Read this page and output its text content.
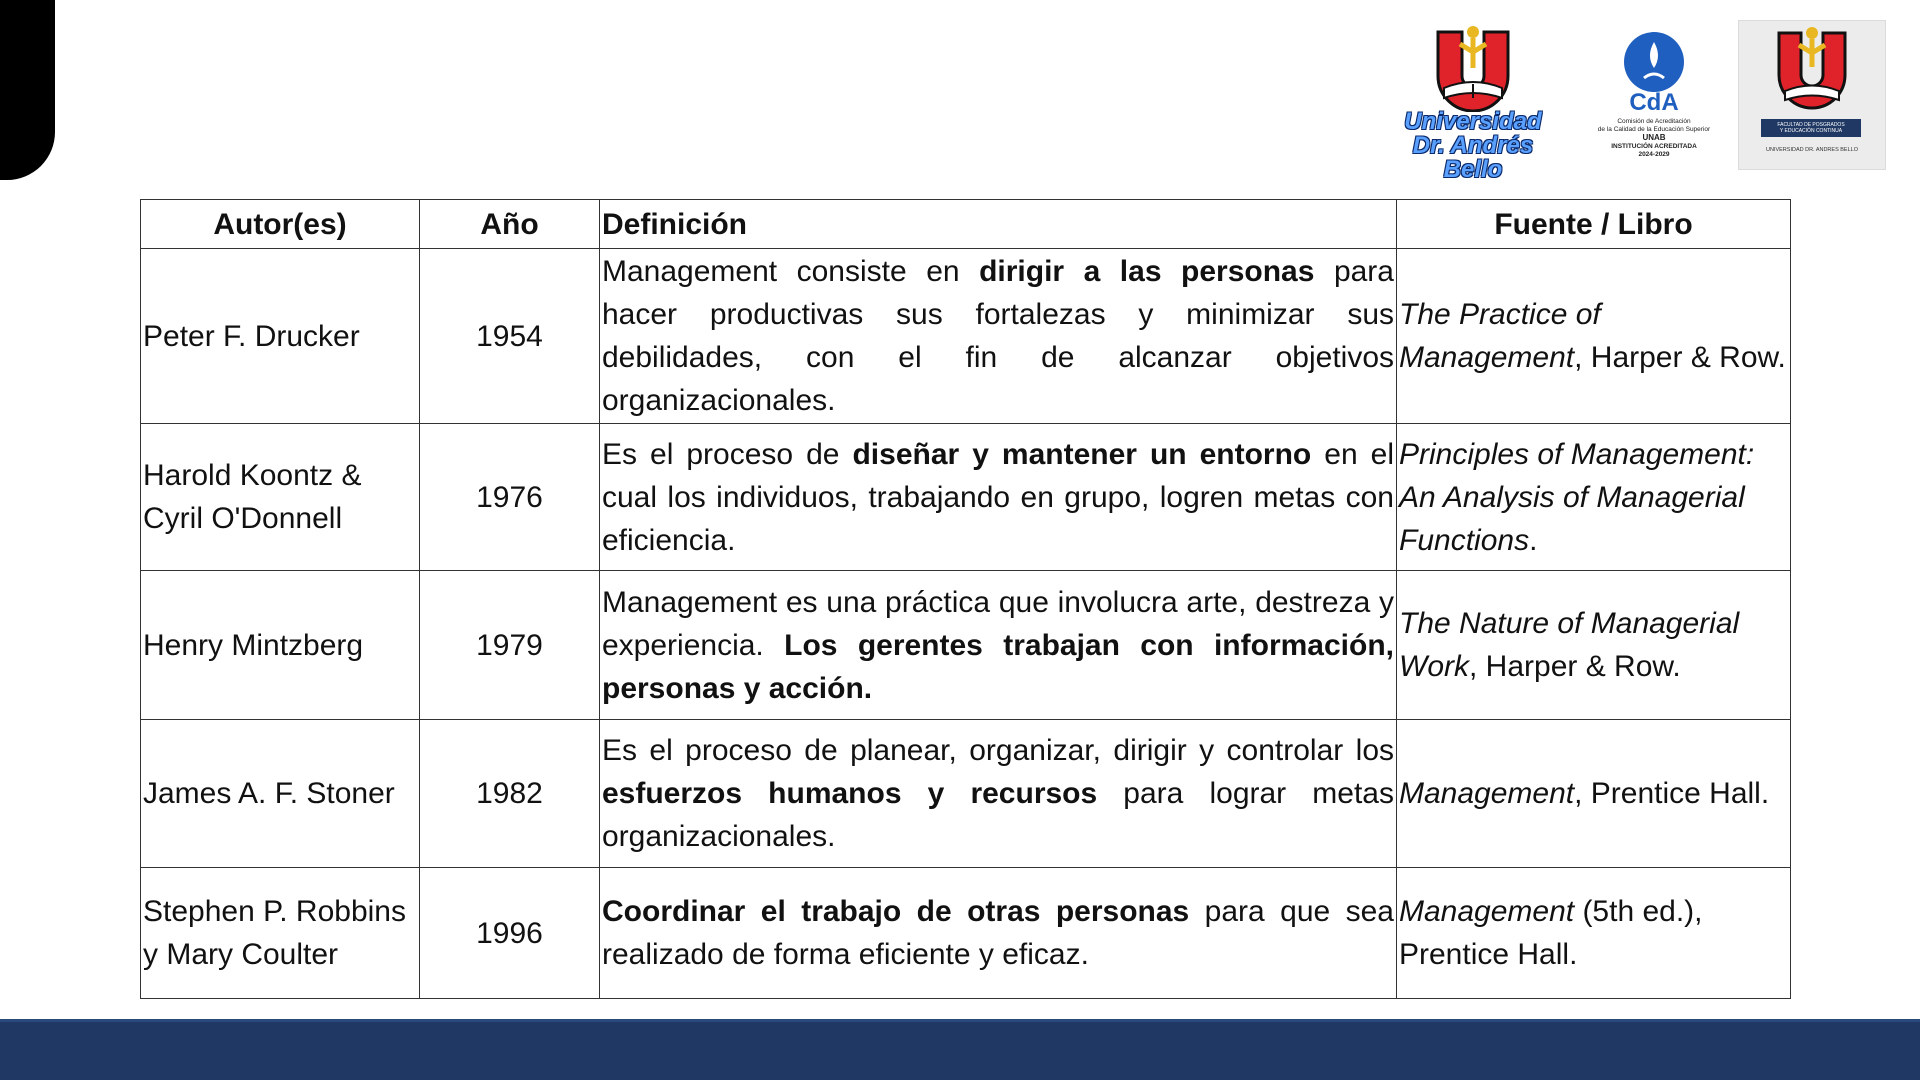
Universidad
Dr. Andrés Bello
CdA
Comisión de Acreditación
de la Calidad de la Educación Superior
UNAB
INSTITUCIÓN ACREDITADA
2024-2029
FACULTAD DE POSGRADOS
Y EDUCACIÓN CONTINUA
UNIVERSIDAD DR. ANDRES BELLO
Autor(es)	Año	Definición	Fuente / Libro
Peter F. Drucker	1954	Management consiste en dirigir a las personas para hacer productivas sus fortalezas y minimizar sus debilidades, con el fin de alcanzar objetivos organizacionales.	The Practice of Management, Harper & Row.
Harold Koontz & Cyril O'Donnell	1976	Es el proceso de diseñar y mantener un entorno en el cual los individuos, trabajando en grupo, logren metas con eficiencia.	Principles of Management: An Analysis of Managerial Functions.
Henry Mintzberg	1979	Management es una práctica que involucra arte, destreza y experiencia. Los gerentes trabajan con información, personas y acción.	The Nature of Managerial Work, Harper & Row.
James A. F. Stoner	1982	Es el proceso de planear, organizar, dirigir y controlar los esfuerzos humanos y recursos para lograr metas organizacionales.	Management, Prentice Hall.
Stephen P. Robbins y Mary Coulter	1996	Coordinar el trabajo de otras personas para que sea realizado de forma eficiente y eficaz.	Management (5th ed.), Prentice Hall.
